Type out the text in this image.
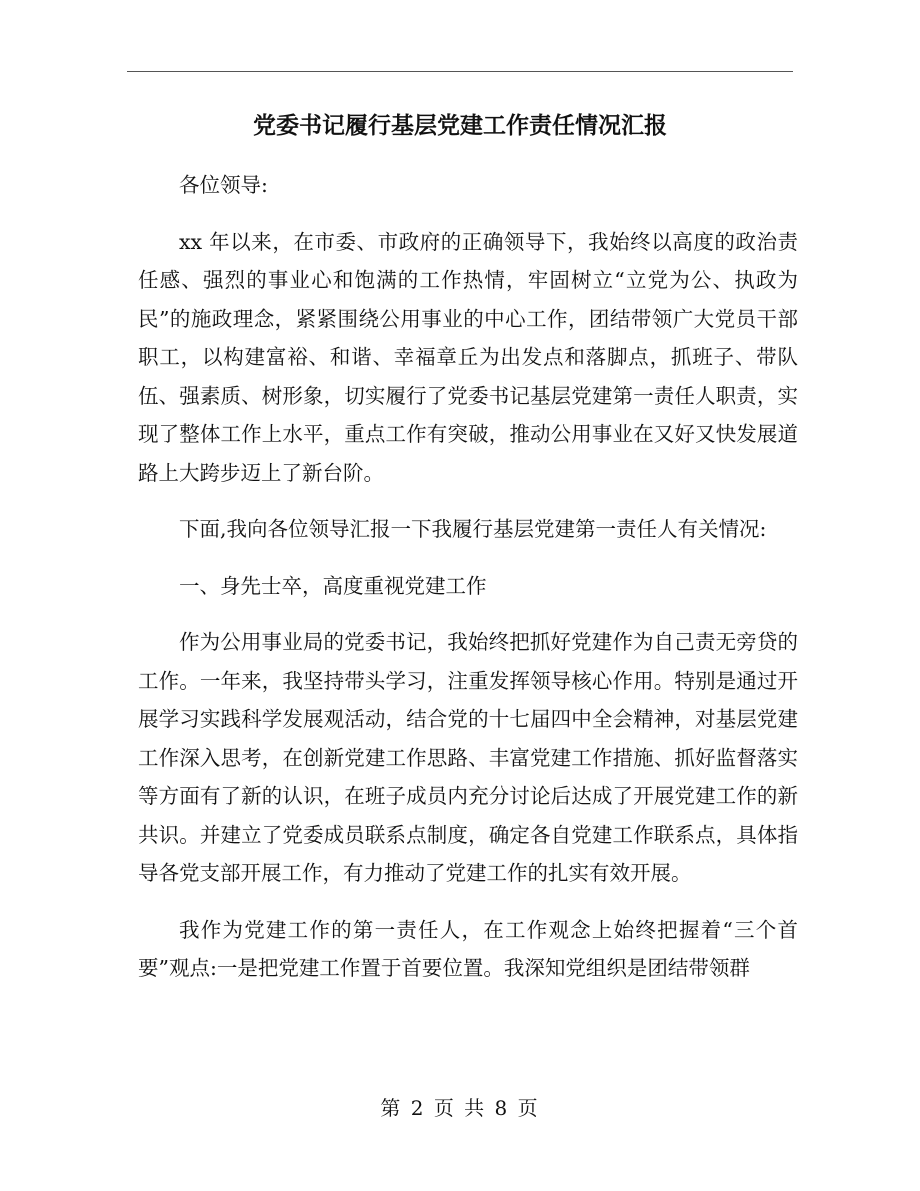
党委书记履行基层党建工作责任情况汇报

各位领导:

xx 年以来，在市委、市政府的正确领导下，我始终以高度的政治责任感、强烈的事业心和饱满的工作热情，牢固树立“立党为公、执政为民”的施政理念，紧紧围绕公用事业的中心工作，团结带领广大党员干部职工，以构建富裕、和谐、幸福章丘为出发点和落脚点，抓班子、带队伍、强素质、树形象，切实履行了党委书记基层党建第一责任人职责，实现了整体工作上水平，重点工作有突破，推动公用事业在又好又快发展道路上大跨步迈上了新台阶。

下面,我向各位领导汇报一下我履行基层党建第一责任人有关情况:

一、身先士卒，高度重视党建工作

作为公用事业局的党委书记，我始终把抓好党建作为自己责无旁贷的工作。一年来，我坚持带头学习，注重发挥领导核心作用。特别是通过开展学习实践科学发展观活动，结合党的十七届四中全会精神，对基层党建工作深入思考，在创新党建工作思路、丰富党建工作措施、抓好监督落实等方面有了新的认识，在班子成员内充分讨论后达成了开展党建工作的新共识。并建立了党委成员联系点制度，确定各自党建工作联系点，具体指导各党支部开展工作，有力推动了党建工作的扎实有效开展。

我作为党建工作的第一责任人，在工作观念上始终把握着“三个首要”观点:一是把党建工作置于首要位置。我深知党组织是团结带领群

第 2 页 共 8 页
